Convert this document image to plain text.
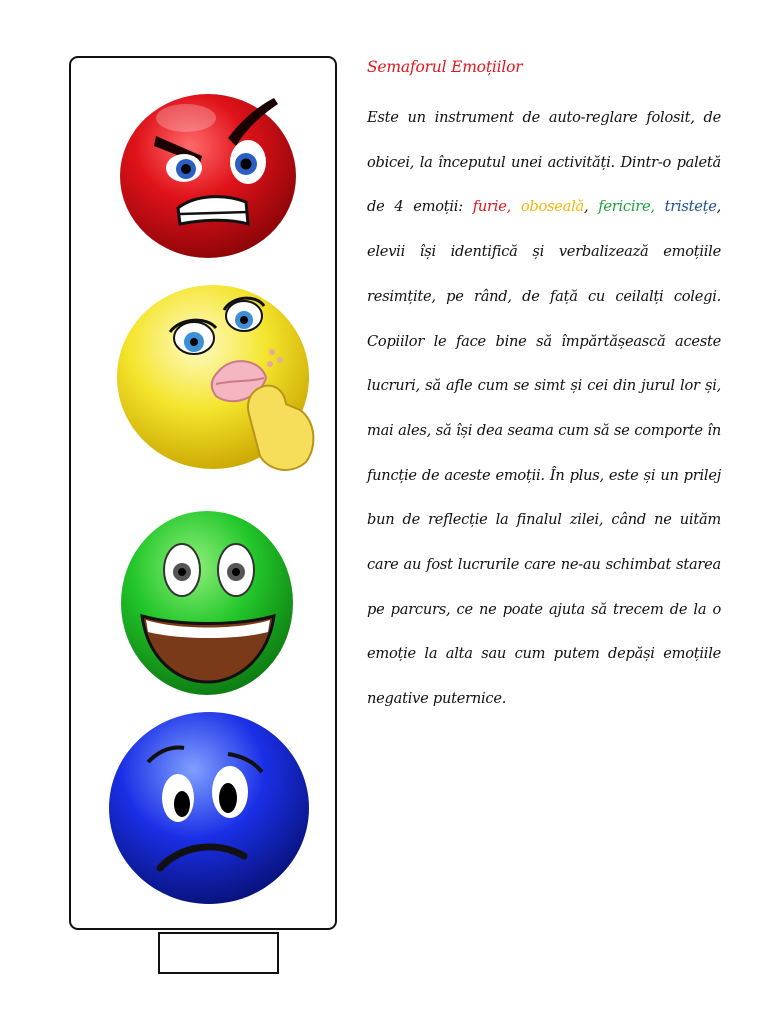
Semaforul Emoțiilor

Este un instrument de auto-reglare folosit, de obicei, la începutul unei activități. Dintr-o paletă de 4 emoții: furie, oboseală, fericire, tristețe, elevii își identifică și verbalizează emoțiile resimțite, pe rând, de față cu ceilalți colegi. Copiilor le face bine să împărtășească aceste lucruri, să afle cum se simt și cei din jurul lor și, mai ales, să își dea seama cum să se comporte în funcție de aceste emoții. În plus, este și un prilej bun de reflecție la finalul zilei, când ne uităm care au fost lucrurile care ne-au schimbat starea pe parcurs, ce ne poate ajuta să trecem de la o emoție la alta sau cum putem depăși emoțiile negative puternice.
